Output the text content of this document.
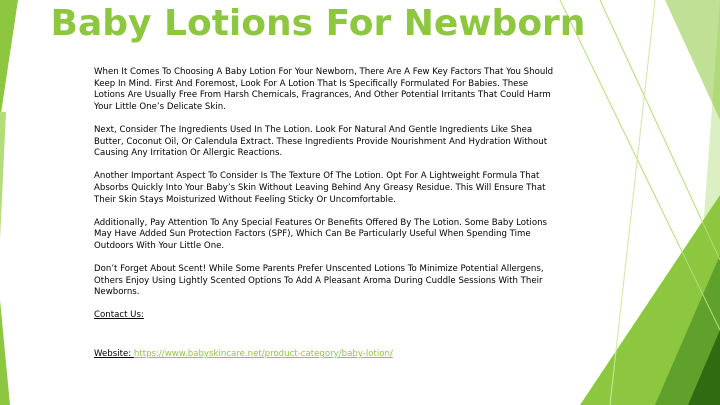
Baby Lotions For Newborn

When It Comes To Choosing A Baby Lotion For Your Newborn, There Are A Few Key Factors That You Should Keep In Mind. First And Foremost, Look For A Lotion That Is Specifically Formulated For Babies. These Lotions Are Usually Free From Harsh Chemicals, Fragrances, And Other Potential Irritants That Could Harm Your Little One’s Delicate Skin.

Next, Consider The Ingredients Used In The Lotion. Look For Natural And Gentle Ingredients Like Shea Butter, Coconut Oil, Or Calendula Extract. These Ingredients Provide Nourishment And Hydration Without Causing Any Irritation Or Allergic Reactions.

Another Important Aspect To Consider Is The Texture Of The Lotion. Opt For A Lightweight Formula That Absorbs Quickly Into Your Baby’s Skin Without Leaving Behind Any Greasy Residue. This Will Ensure That Their Skin Stays Moisturized Without Feeling Sticky Or Uncomfortable.

Additionally, Pay Attention To Any Special Features Or Benefits Offered By The Lotion. Some Baby Lotions May Have Added Sun Protection Factors (SPF), Which Can Be Particularly Useful When Spending Time Outdoors With Your Little One.

Don’t Forget About Scent! While Some Parents Prefer Unscented Lotions To Minimize Potential Allergens, Others Enjoy Using Lightly Scented Options To Add A Pleasant Aroma During Cuddle Sessions With Their Newborns.

Contact Us:

Website: https://www.babyskincare.net/product-category/baby-lotion/
